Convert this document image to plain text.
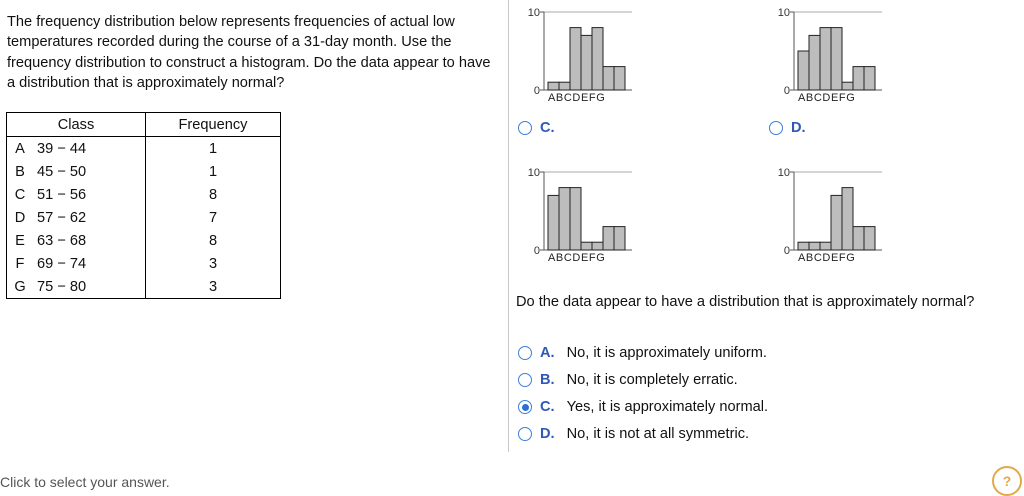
The frequency distribution below represents frequencies of actual low temperatures recorded during the course of a 31-day month. Use the frequency distribution to construct a histogram. Do the data appear to have a distribution that is approximately normal?
Class		Frequency
A	39 − 44	1
B	45 − 50	1
C	51 − 56	8
D	57 − 62	7
E	63 − 68	8
F	69 − 74	3
G	75 − 80	3
10
0
ABCDEFG
10
0
ABCDEFG
10
0
ABCDEFG
10
0
ABCDEFG
C.	D.
Do the data appear to have a distribution that is approximately normal?
A. No, it is approximately uniform.
B. No, it is completely erratic.
C. Yes, it is approximately normal.
D. No, it is not at all symmetric.
Click to select your answer.	?
